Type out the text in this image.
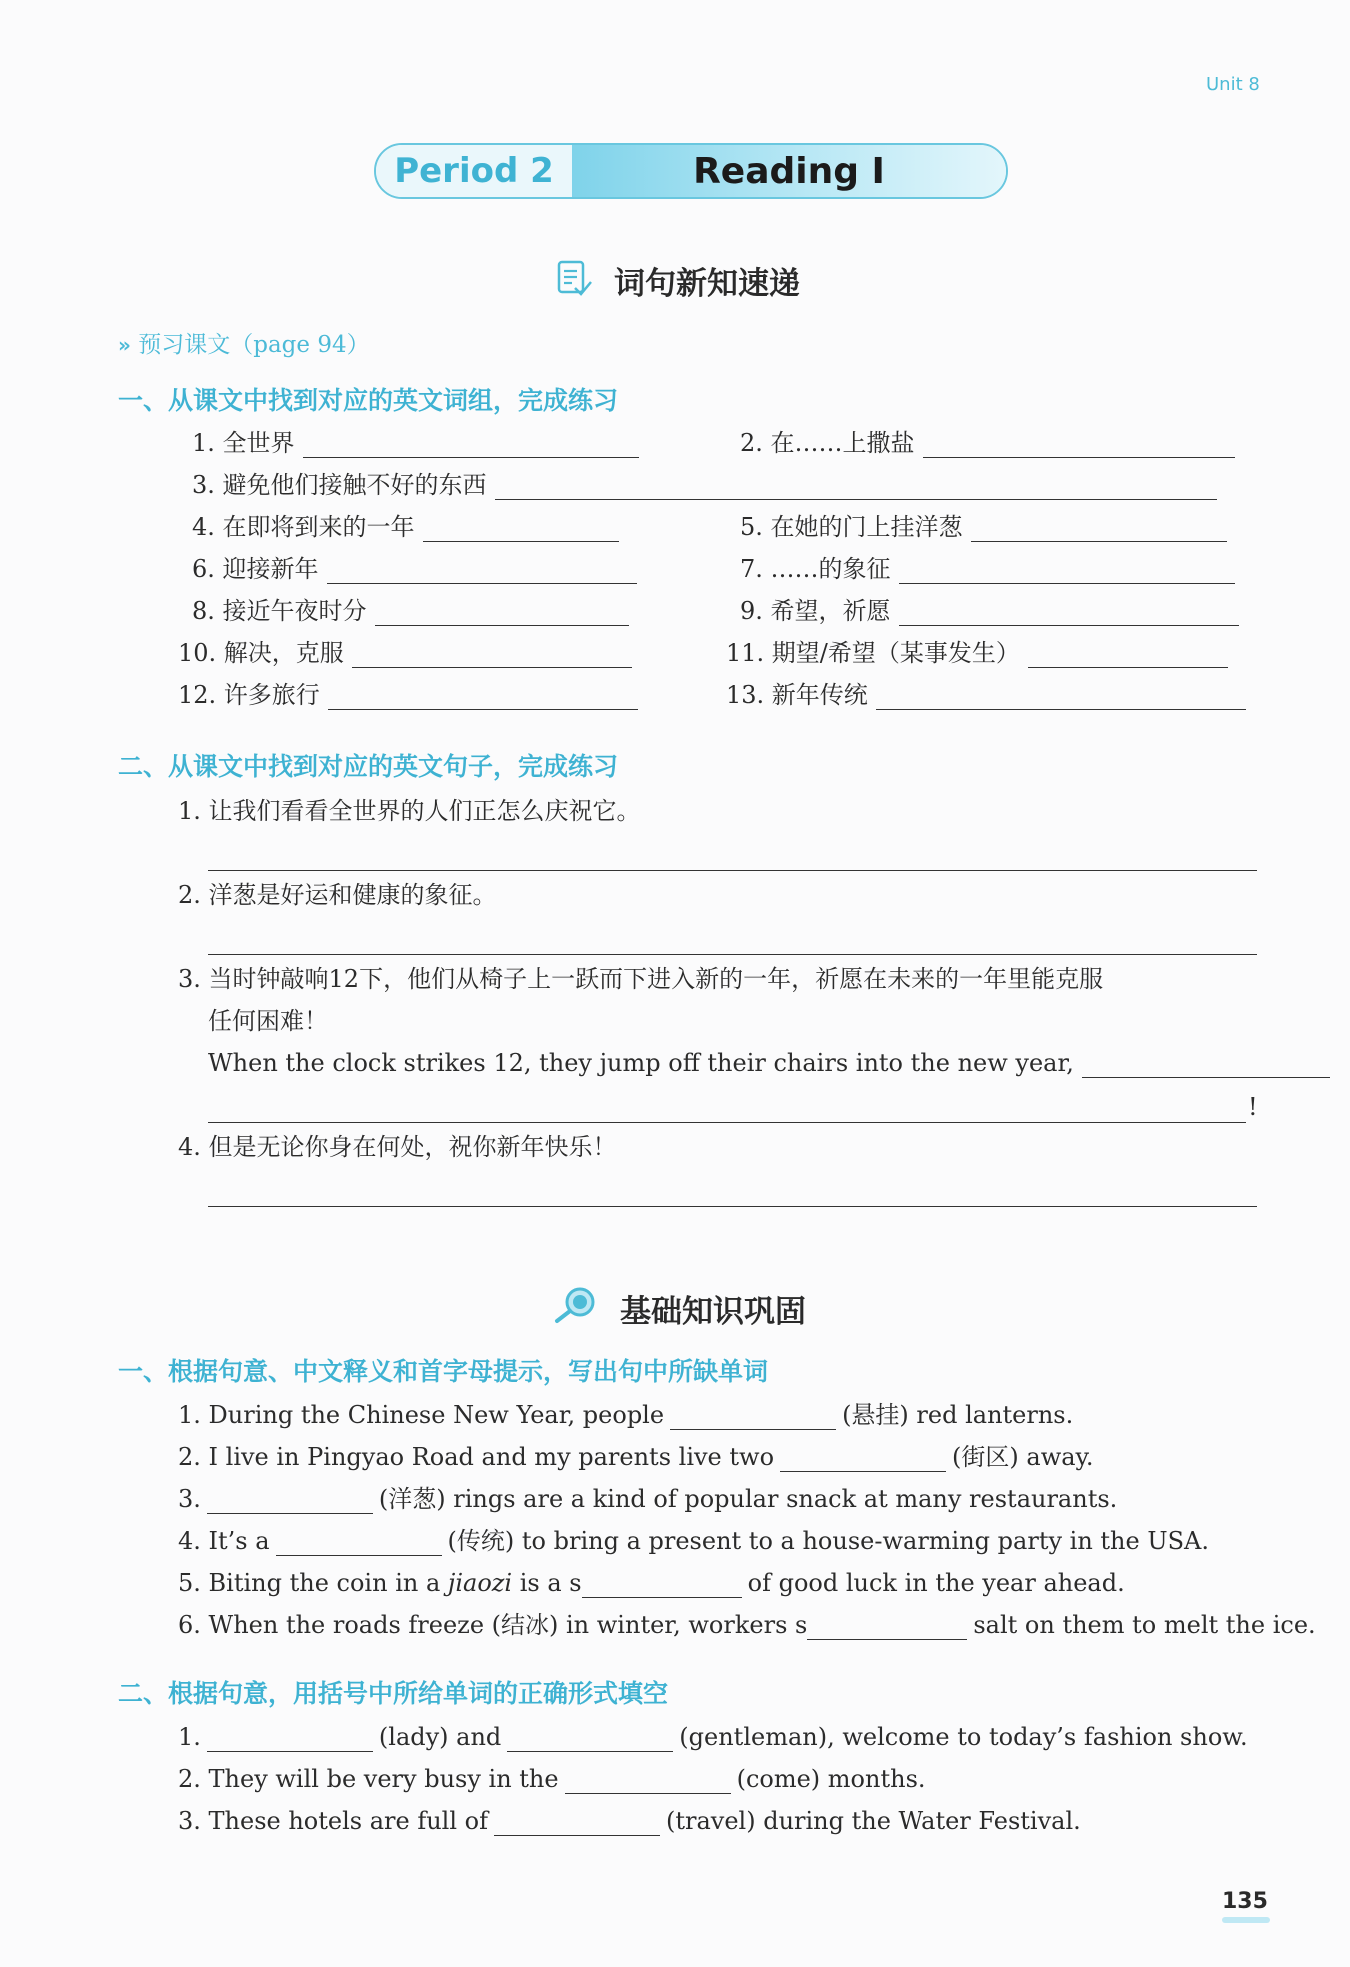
Unit 8
Period 2	Reading I
词句新知速递
» 预习课文（page 94）
一、从课文中找到对应的英文词组，完成练习
1. 全世界	2. 在……上撒盐
3. 避免他们接触不好的东西
4. 在即将到来的一年	5. 在她的门上挂洋葱
6. 迎接新年	7. ……的象征
8. 接近午夜时分	9. 希望，祈愿
10. 解决，克服	11. 期望/希望（某事发生）
12. 许多旅行	13. 新年传统
二、从课文中找到对应的英文句子，完成练习
1. 让我们看看全世界的人们正怎么庆祝它。
2. 洋葱是好运和健康的象征。
3. 当时钟敲响12下，他们从椅子上一跃而下进入新的一年，祈愿在未来的一年里能克服
任何困难！
When the clock strikes 12, they jump off their chairs into the new year,
!
4. 但是无论你身在何处，祝你新年快乐！
基础知识巩固
一、根据句意、中文释义和首字母提示，写出句中所缺单词
1. During the Chinese New Year, people	(悬挂) red lanterns.
2. I live in Pingyao Road and my parents live two	(街区) away.
3.	(洋葱) rings are a kind of popular snack at many restaurants.
4. It’s a	(传统) to bring a present to a house-warming party in the USA.
5. Biting the coin in a jiaozi is a s	of good luck in the year ahead.
6. When the roads freeze (结冰) in winter, workers s	salt on them to melt the ice.
二、根据句意，用括号中所给单词的正确形式填空
1.	(lady) and	(gentleman), welcome to today’s fashion show.
2. They will be very busy in the	(come) months.
3. These hotels are full of	(travel) during the Water Festival.
135
